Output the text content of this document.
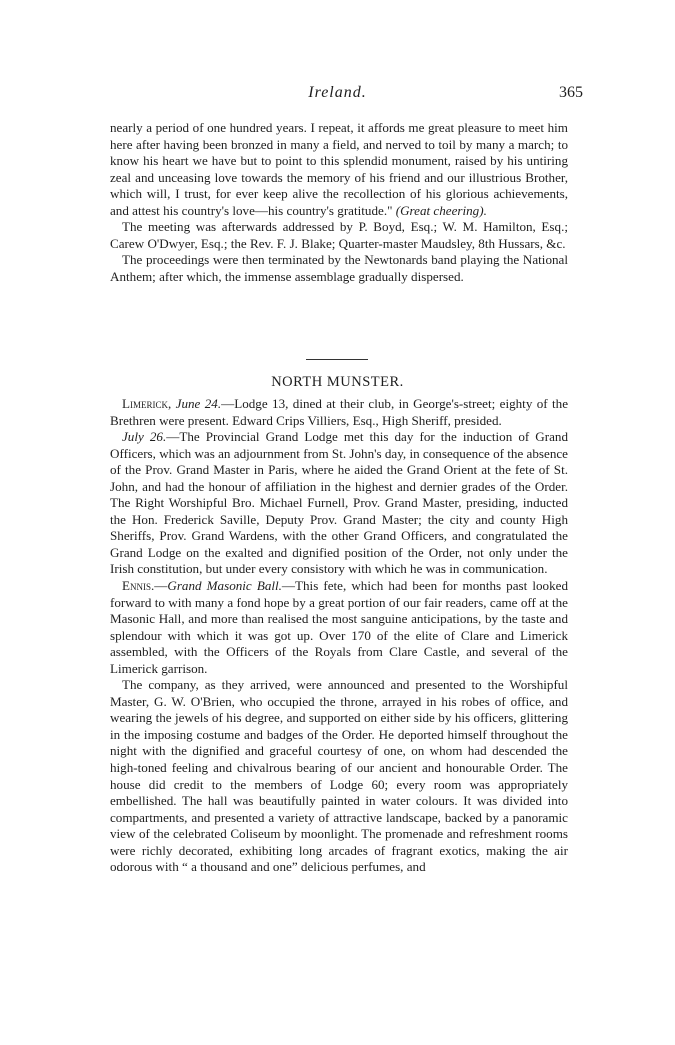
Ireland.	365

nearly a period of one hundred years. I repeat, it affords me great pleasure to meet him here after having been bronzed in many a field, and nerved to toil by many a march; to know his heart we have but to point to this splendid monument, raised by his untiring zeal and unceasing love towards the memory of his friend and our illustrious Brother, which will, I trust, for ever keep alive the recollection of his glorious achievements, and attest his country's love—his country's gratitude." (Great cheering).

The meeting was afterwards addressed by P. Boyd, Esq.; W. M. Hamilton, Esq.; Carew O'Dwyer, Esq.; the Rev. F. J. Blake; Quarter-master Maudsley, 8th Hussars, &c.

The proceedings were then terminated by the Newtonards band playing the National Anthem; after which, the immense assemblage gradually dispersed.

NORTH MUNSTER.

Limerick, June 24.—Lodge 13, dined at their club, in George's-street; eighty of the Brethren were present. Edward Crips Villiers, Esq., High Sheriff, presided.

July 26.—The Provincial Grand Lodge met this day for the induction of Grand Officers, which was an adjournment from St. John's day, in consequence of the absence of the Prov. Grand Master in Paris, where he aided the Grand Orient at the fete of St. John, and had the honour of affiliation in the highest and dernier grades of the Order. The Right Worshipful Bro. Michael Furnell, Prov. Grand Master, presiding, inducted the Hon. Frederick Saville, Deputy Prov. Grand Master; the city and county High Sheriffs, Prov. Grand Wardens, with the other Grand Officers, and congratulated the Grand Lodge on the exalted and dignified position of the Order, not only under the Irish constitution, but under every consistory with which he was in communication.

Ennis.—Grand Masonic Ball.—This fete, which had been for months past looked forward to with many a fond hope by a great portion of our fair readers, came off at the Masonic Hall, and more than realised the most sanguine anticipations, by the taste and splendour with which it was got up. Over 170 of the elite of Clare and Limerick assembled, with the Officers of the Royals from Clare Castle, and several of the Limerick garrison.

The company, as they arrived, were announced and presented to the Worshipful Master, G. W. O'Brien, who occupied the throne, arrayed in his robes of office, and wearing the jewels of his degree, and supported on either side by his officers, glittering in the imposing costume and badges of the Order. He deported himself throughout the night with the dignified and graceful courtesy of one, on whom had descended the high-toned feeling and chivalrous bearing of our ancient and honourable Order. The house did credit to the members of Lodge 60; every room was appropriately embellished. The hall was beautifully painted in water colours. It was divided into compartments, and presented a variety of attractive landscape, backed by a panoramic view of the celebrated Coliseum by moonlight. The promenade and refreshment rooms were richly decorated, exhibiting long arcades of fragrant exotics, making the air odorous with “ a thousand and one” delicious perfumes, and
